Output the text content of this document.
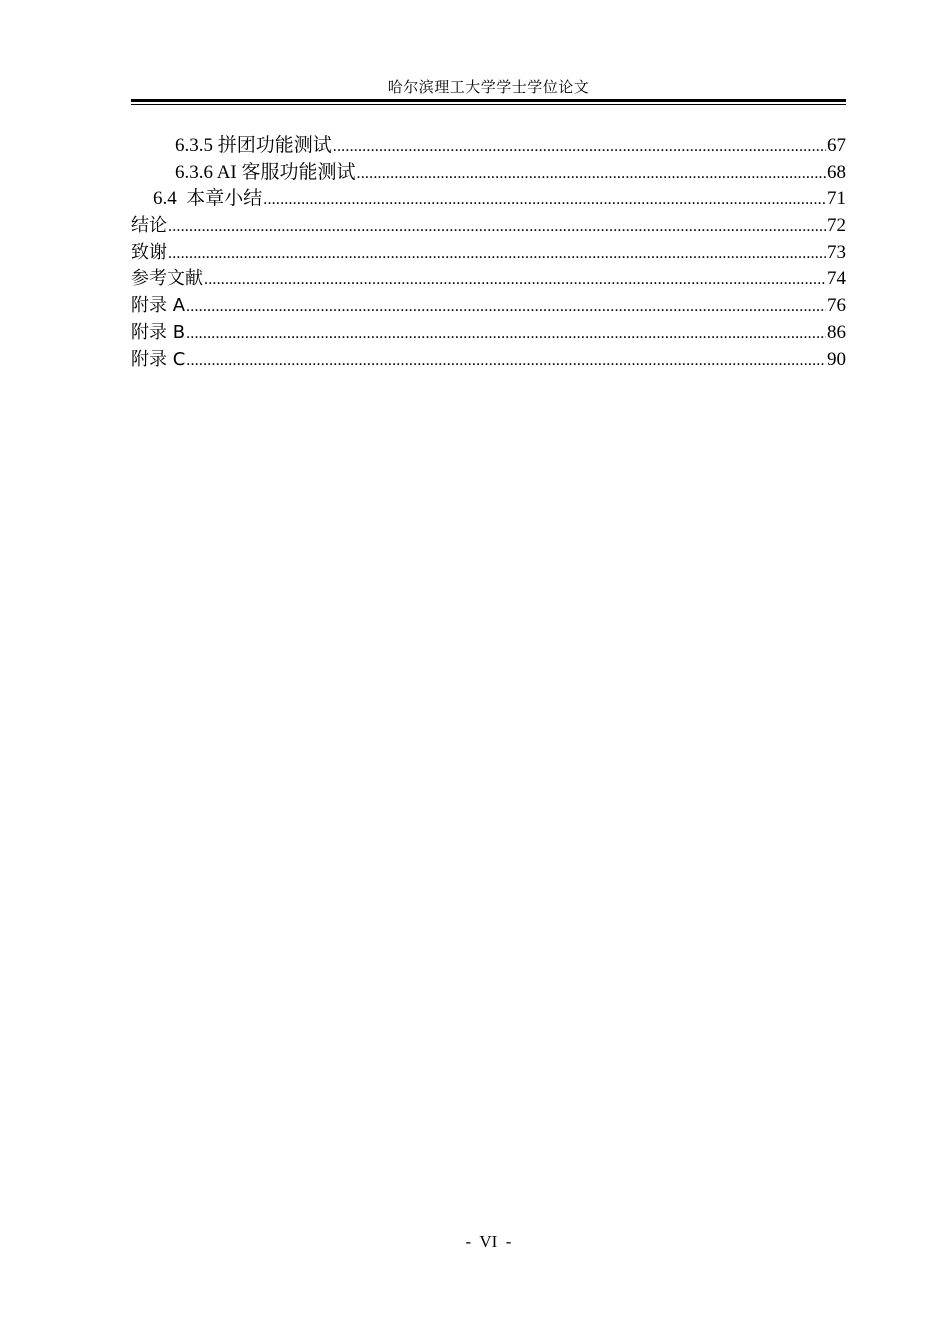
哈尔滨理工大学学士学位论文
6.3.5 拼团功能测试 .....	67
6.3.6 AI 客服功能测试 .....	68
6.4  本章小结 .....	71
结论 .....	72
致谢 .....	73
参考文献 .....	74
附录 A .....	76
附录 B .....	86
附录 C .....	90
-  VI  -
